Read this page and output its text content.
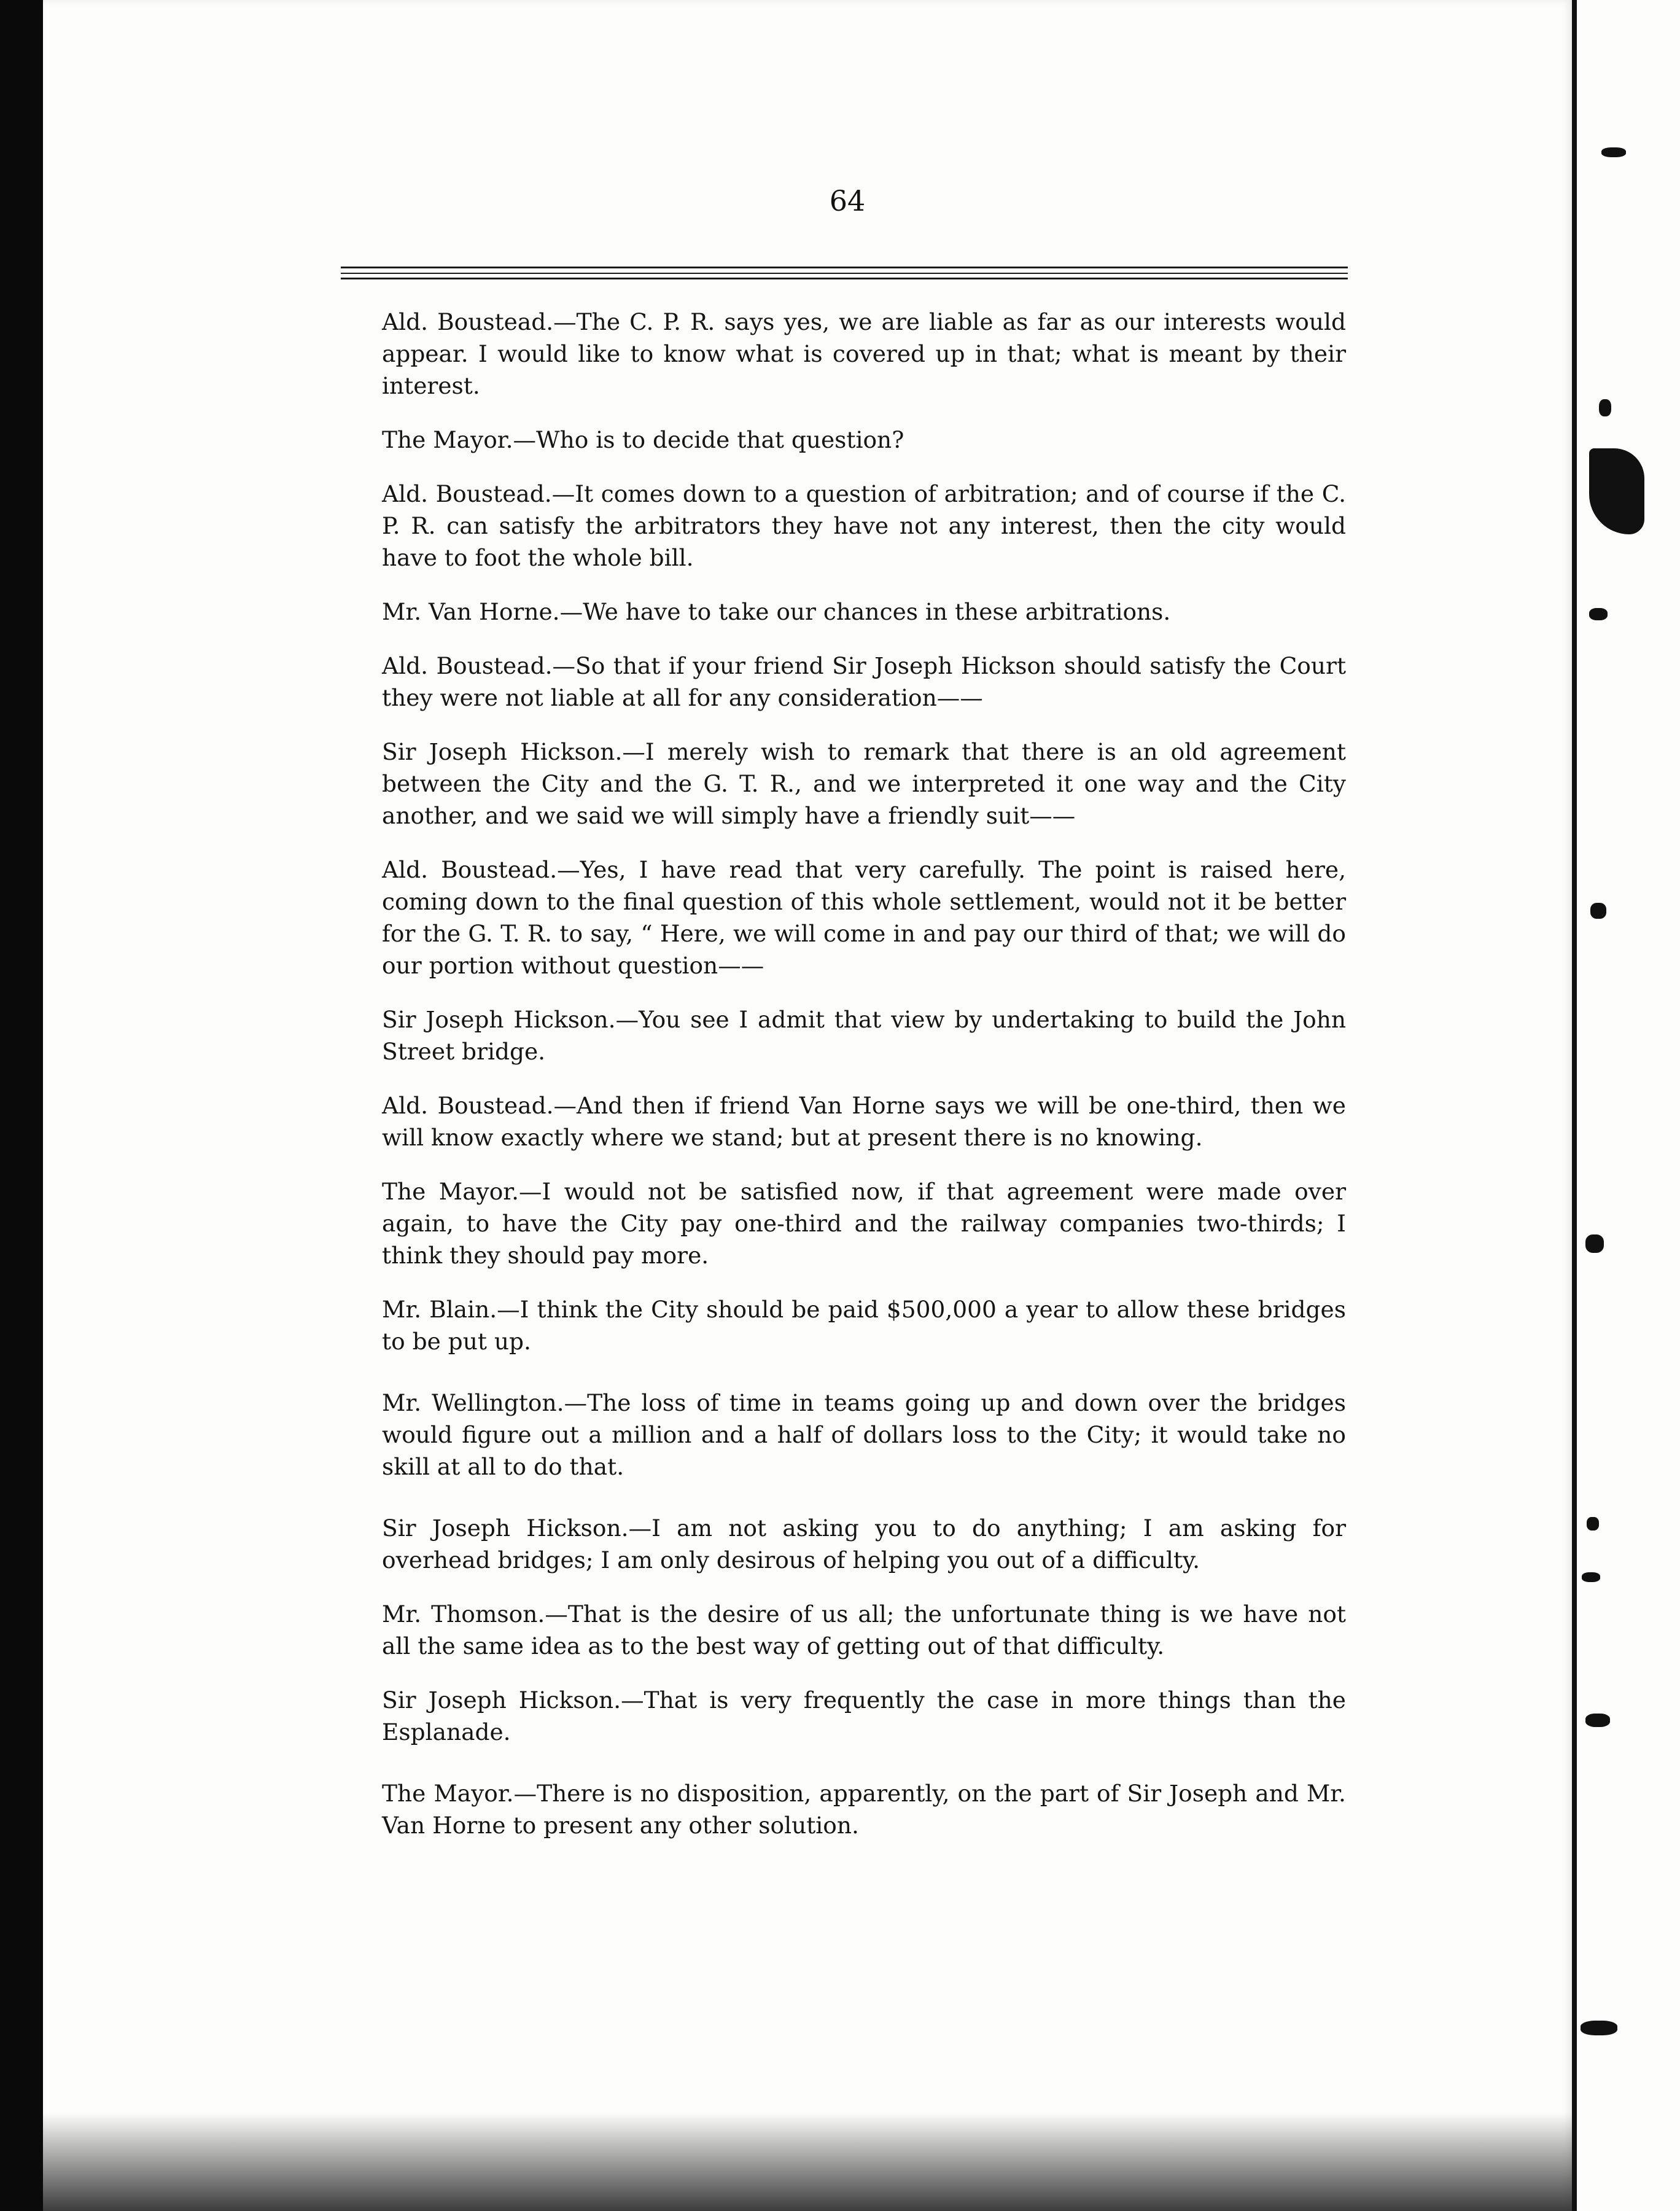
64

Ald. Boustead.—The C. P. R. says yes, we are liable as far as our interests would appear. I would like to know what is covered up in that; what is meant by their interest.

The Mayor.—Who is to decide that question?

Ald. Boustead.—It comes down to a question of arbitration; and of course if the C. P. R. can satisfy the arbitrators they have not any interest, then the city would have to foot the whole bill.

Mr. Van Horne.—We have to take our chances in these arbitrations.

Ald. Boustead.—So that if your friend Sir Joseph Hickson should satisfy the Court they were not liable at all for any consideration——

Sir Joseph Hickson.—I merely wish to remark that there is an old agreement between the City and the G. T. R., and we interpreted it one way and the City another, and we said we will simply have a friendly suit——

Ald. Boustead.—Yes, I have read that very carefully. The point is raised here, coming down to the final question of this whole settlement, would not it be better for the G. T. R. to say, “ Here, we will come in and pay our third of that; we will do our portion without question——

Sir Joseph Hickson.—You see I admit that view by undertaking to build the John Street bridge.

Ald. Boustead.—And then if friend Van Horne says we will be one-third, then we will know exactly where we stand; but at present there is no knowing.

The Mayor.—I would not be satisfied now, if that agreement were made over again, to have the City pay one-third and the railway companies two-thirds; I think they should pay more.

Mr. Blain.—I think the City should be paid $500,000 a year to allow these bridges to be put up.

Mr. Wellington.—The loss of time in teams going up and down over the bridges would figure out a million and a half of dollars loss to the City; it would take no skill at all to do that.

Sir Joseph Hickson.—I am not asking you to do anything; I am asking for overhead bridges; I am only desirous of helping you out of a difficulty.

Mr. Thomson.—That is the desire of us all; the unfortunate thing is we have not all the same idea as to the best way of getting out of that difficulty.

Sir Joseph Hickson.—That is very frequently the case in more things than the Esplanade.

The Mayor.—There is no disposition, apparently, on the part of Sir Joseph and Mr. Van Horne to present any other solution.
